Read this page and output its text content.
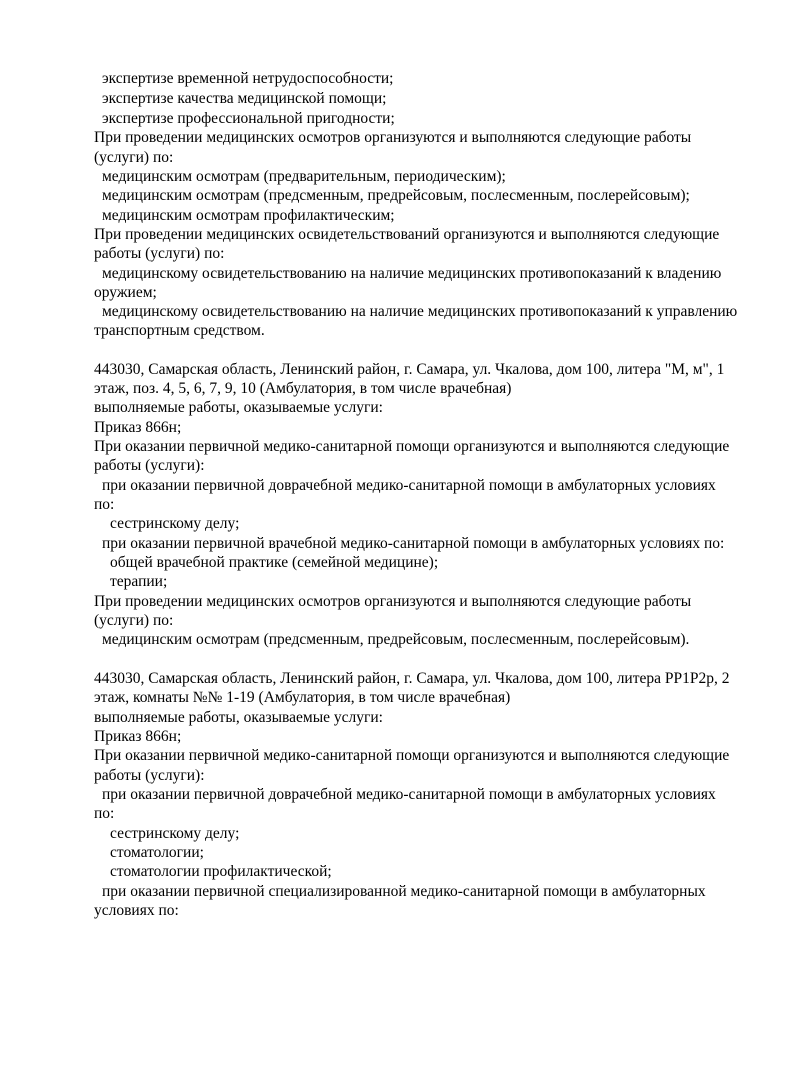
экспертизе временной нетрудоспособности;
экспертизе качества медицинской помощи;
экспертизе профессиональной пригодности;
При проведении медицинских осмотров организуются и выполняются следующие работы
(услуги) по:
медицинским осмотрам (предварительным, периодическим);
медицинским осмотрам (предсменным, предрейсовым, послесменным, послерейсовым);
медицинским осмотрам профилактическим;
При проведении медицинских освидетельствований организуются и выполняются следующие
работы (услуги) по:
медицинскому освидетельствованию на наличие медицинских противопоказаний к владению
оружием;
медицинскому освидетельствованию на наличие медицинских противопоказаний к управлению
транспортным средством.
443030, Самарская область, Ленинский район, г. Самара, ул. Чкалова, дом 100, литера "М, м", 1
этаж, поз. 4, 5, 6, 7, 9, 10 (Амбулатория, в том числе врачебная)
выполняемые работы, оказываемые услуги:
Приказ 866н;
При оказании первичной медико-санитарной помощи организуются и выполняются следующие
работы (услуги):
при оказании первичной доврачебной медико-санитарной помощи в амбулаторных условиях
по:
сестринскому делу;
при оказании первичной врачебной медико-санитарной помощи в амбулаторных условиях по:
общей врачебной практике (семейной медицине);
терапии;
При проведении медицинских осмотров организуются и выполняются следующие работы
(услуги) по:
медицинским осмотрам (предсменным, предрейсовым, послесменным, послерейсовым).
443030, Самарская область, Ленинский район, г. Самара, ул. Чкалова, дом 100, литера РР1Р2р, 2
этаж, комнаты №№ 1-19 (Амбулатория, в том числе врачебная)
выполняемые работы, оказываемые услуги:
Приказ 866н;
При оказании первичной медико-санитарной помощи организуются и выполняются следующие
работы (услуги):
при оказании первичной доврачебной медико-санитарной помощи в амбулаторных условиях
по:
сестринскому делу;
стоматологии;
стоматологии профилактической;
при оказании первичной специализированной медико-санитарной помощи в амбулаторных
условиях по:
